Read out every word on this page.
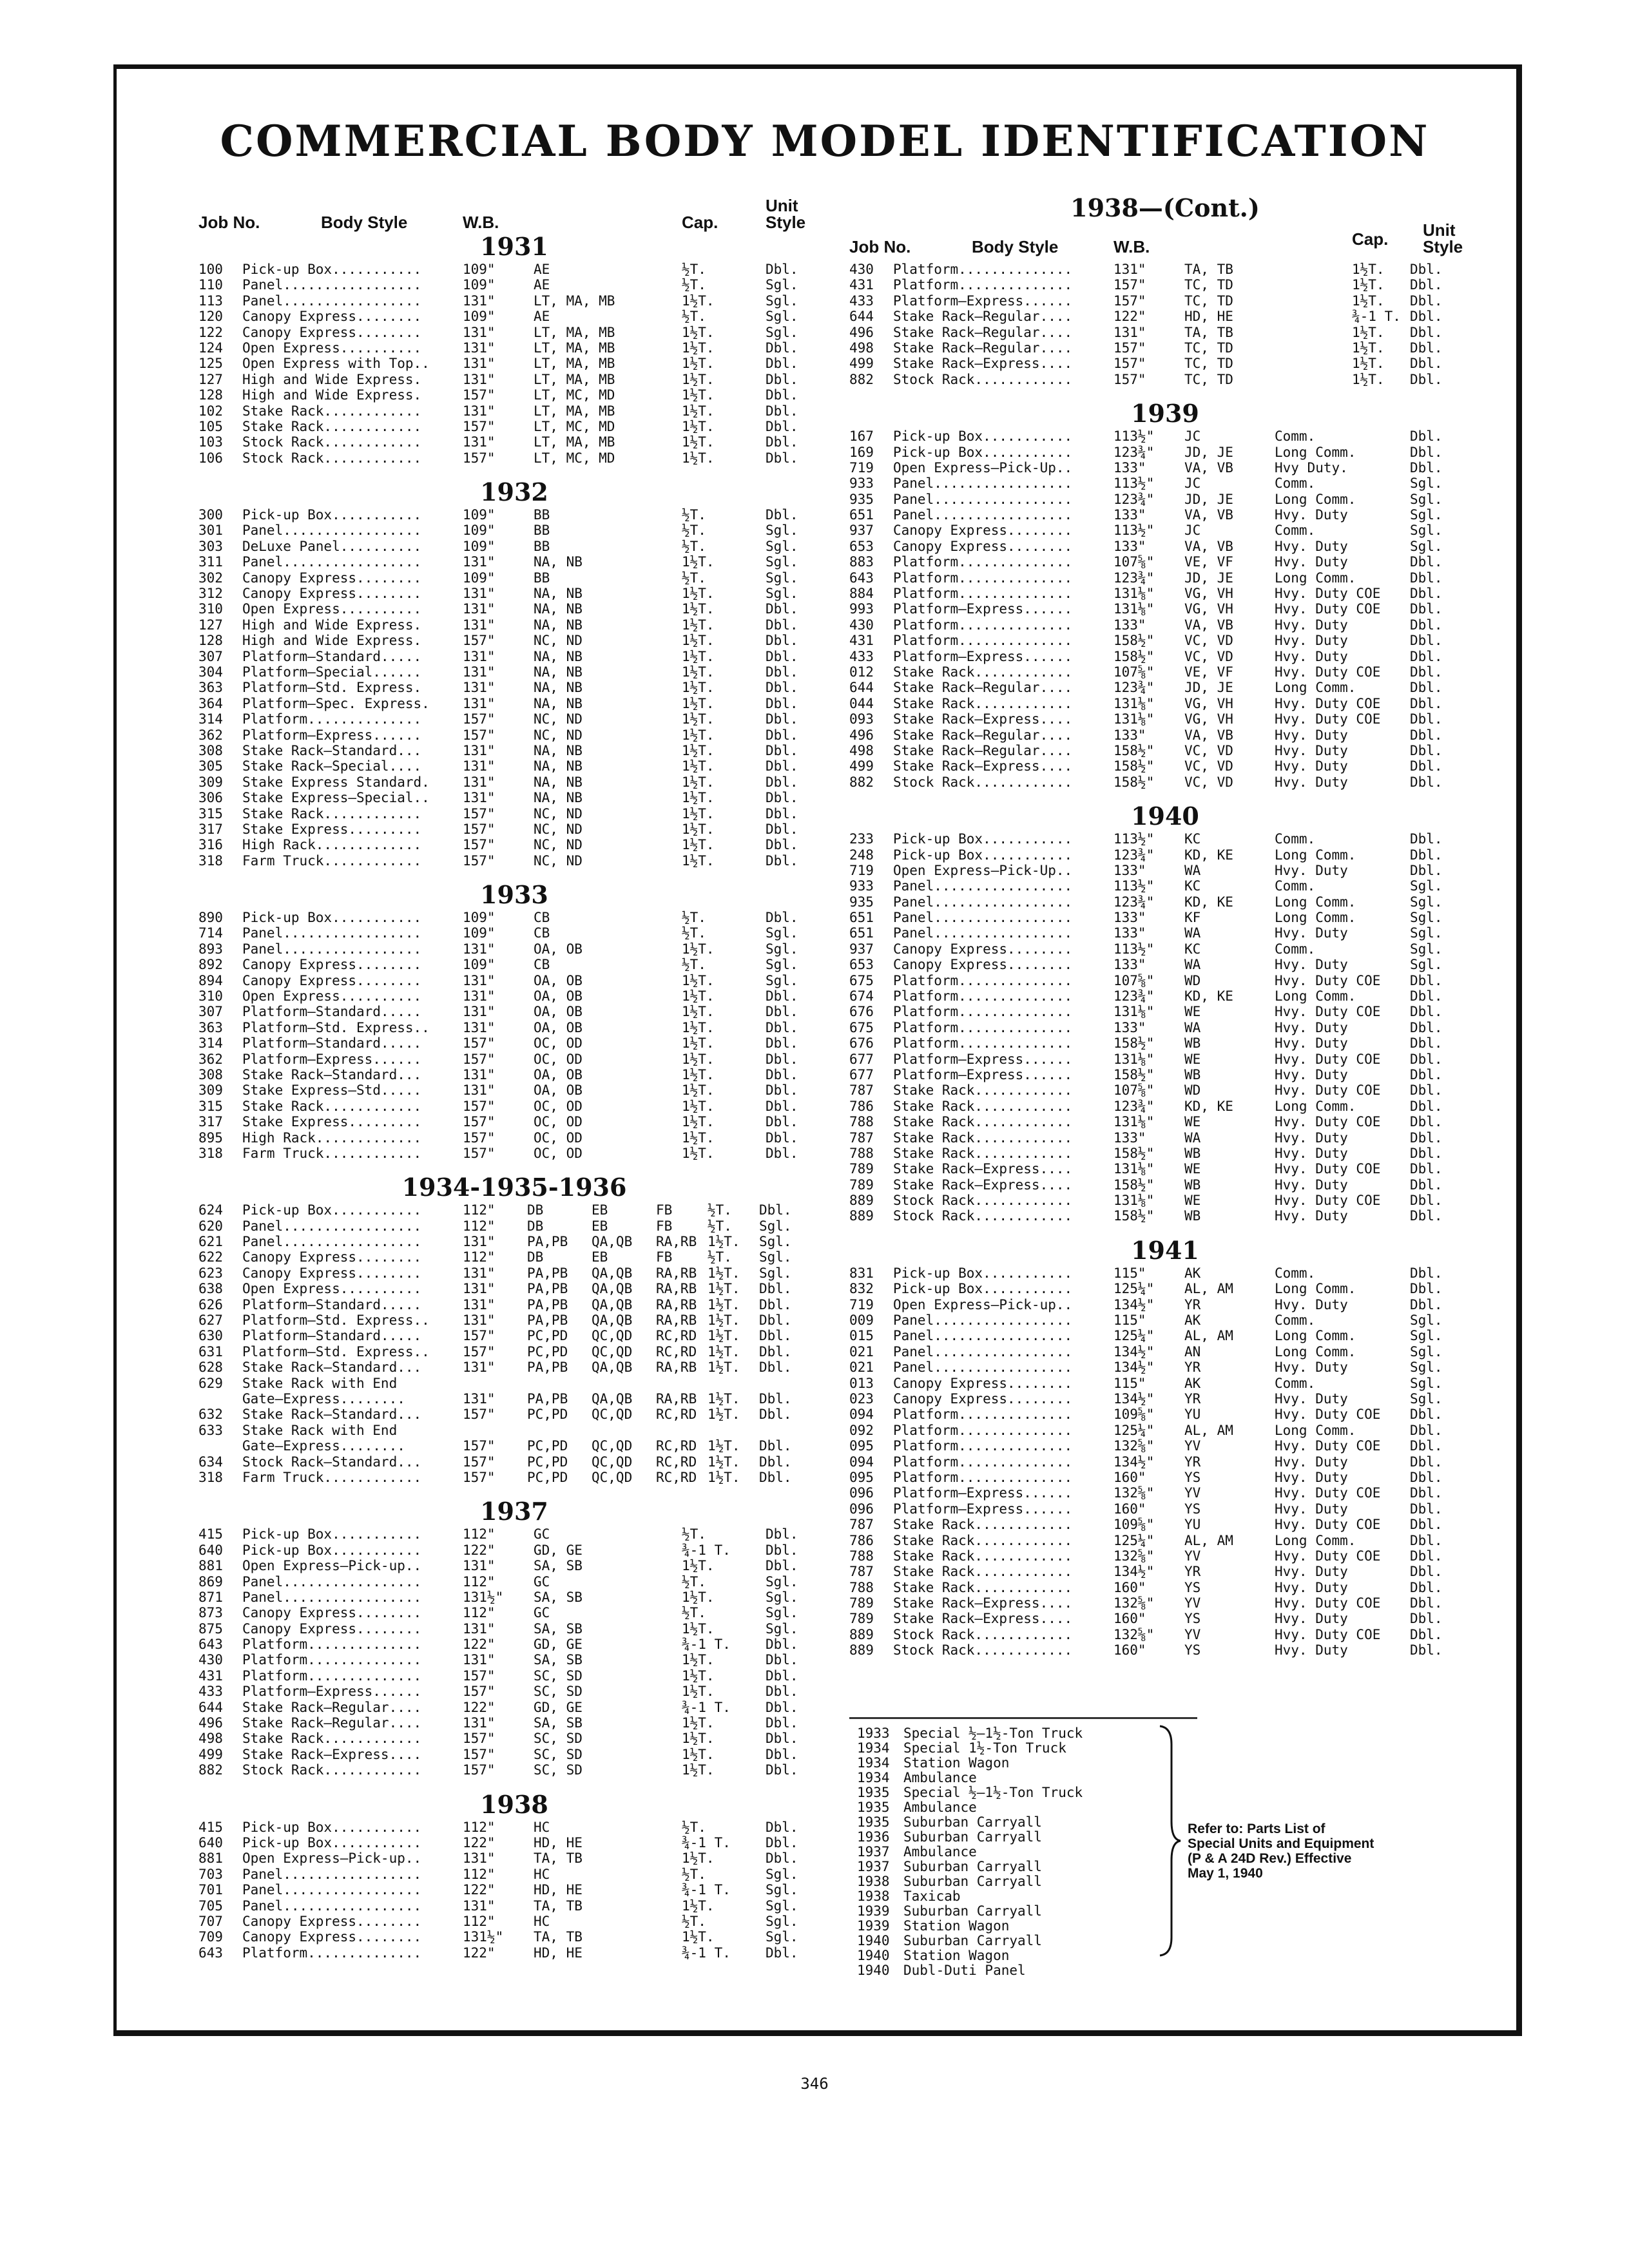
COMMERCIAL BODY MODEL IDENTIFICATION
Job No.	Body Style	W.B.	Cap.
Unit
Style
1931
100	Pick-up Box...........	109"	AE	½T.	Dbl.
110	Panel.................	109"	AE	½T.	Sgl.
113	Panel.................	131"	LT, MA, MB	1½T.	Sgl.
120	Canopy Express........	109"	AE	½T.	Sgl.
122	Canopy Express........	131"	LT, MA, MB	1½T.	Sgl.
124	Open Express..........	131"	LT, MA, MB	1½T.	Dbl.
125	Open Express with Top..	131"	LT, MA, MB	1½T.	Dbl.
127	High and Wide Express.	131"	LT, MA, MB	1½T.	Dbl.
128	High and Wide Express.	157"	LT, MC, MD	1½T.	Dbl.
102	Stake Rack............	131"	LT, MA, MB	1½T.	Dbl.
105	Stake Rack............	157"	LT, MC, MD	1½T.	Dbl.
103	Stock Rack............	131"	LT, MA, MB	1½T.	Dbl.
106	Stock Rack............	157"	LT, MC, MD	1½T.	Dbl.
1932
300	Pick-up Box...........	109"	BB	½T.	Dbl.
301	Panel.................	109"	BB	½T.	Sgl.
303	DeLuxe Panel..........	109"	BB	½T.	Sgl.
311	Panel.................	131"	NA, NB	1½T.	Sgl.
302	Canopy Express........	109"	BB	½T.	Sgl.
312	Canopy Express........	131"	NA, NB	1½T.	Sgl.
310	Open Express..........	131"	NA, NB	1½T.	Dbl.
127	High and Wide Express.	131"	NA, NB	1½T.	Dbl.
128	High and Wide Express.	157"	NC, ND	1½T.	Dbl.
307	Platform—Standard.....	131"	NA, NB	1½T.	Dbl.
304	Platform—Special......	131"	NA, NB	1½T.	Dbl.
363	Platform—Std. Express.	131"	NA, NB	1½T.	Dbl.
364	Platform—Spec. Express.	131"	NA, NB	1½T.	Dbl.
314	Platform..............	157"	NC, ND	1½T.	Dbl.
362	Platform—Express......	157"	NC, ND	1½T.	Dbl.
308	Stake Rack—Standard...	131"	NA, NB	1½T.	Dbl.
305	Stake Rack—Special....	131"	NA, NB	1½T.	Dbl.
309	Stake Express Standard.	131"	NA, NB	1½T.	Dbl.
306	Stake Express—Special..	131"	NA, NB	1½T.	Dbl.
315	Stake Rack............	157"	NC, ND	1½T.	Dbl.
317	Stake Express.........	157"	NC, ND	1½T.	Dbl.
316	High Rack.............	157"	NC, ND	1½T.	Dbl.
318	Farm Truck............	157"	NC, ND	1½T.	Dbl.
1933
890	Pick-up Box...........	109"	CB	½T.	Dbl.
714	Panel.................	109"	CB	½T.	Sgl.
893	Panel.................	131"	OA, OB	1½T.	Sgl.
892	Canopy Express........	109"	CB	½T.	Sgl.
894	Canopy Express........	131"	OA, OB	1½T.	Sgl.
310	Open Express..........	131"	OA, OB	1½T.	Dbl.
307	Platform—Standard.....	131"	OA, OB	1½T.	Dbl.
363	Platform—Std. Express..	131"	OA, OB	1½T.	Dbl.
314	Platform—Standard.....	157"	OC, OD	1½T.	Dbl.
362	Platform—Express......	157"	OC, OD	1½T.	Dbl.
308	Stake Rack—Standard...	131"	OA, OB	1½T.	Dbl.
309	Stake Express—Std.....	131"	OA, OB	1½T.	Dbl.
315	Stake Rack............	157"	OC, OD	1½T.	Dbl.
317	Stake Express.........	157"	OC, OD	1½T.	Dbl.
895	High Rack.............	157"	OC, OD	1½T.	Dbl.
318	Farm Truck............	157"	OC, OD	1½T.	Dbl.
1934-1935-1936
624	Pick-up Box...........	112"	DB	EB	FB	½T.	Dbl.
620	Panel.................	112"	DB	EB	FB	½T.	Sgl.
621	Panel.................	131"	PA,PB	QA,QB	RA,RB 1½T.	Sgl.
622	Canopy Express........	112"	DB	EB	FB	½T.	Sgl.
623	Canopy Express........	131"	PA,PB	QA,QB	RA,RB 1½T.	Sgl.
638	Open Express..........	131"	PA,PB	QA,QB	RA,RB 1½T.	Dbl.
626	Platform—Standard.....	131"	PA,PB	QA,QB	RA,RB 1½T.	Dbl.
627	Platform—Std. Express..	131"	PA,PB	QA,QB	RA,RB 1½T.	Dbl.
630	Platform—Standard.....	157"	PC,PD	QC,QD	RC,RD 1½T.	Dbl.
631	Platform—Std. Express..	157"	PC,PD	QC,QD	RC,RD 1½T.	Dbl.
628	Stake Rack—Standard...	131"	PA,PB	QA,QB	RA,RB 1½T.	Dbl.
629	Stake Rack with End
Gate—Express........	131"	PA,PB	QA,QB	RA,RB 1½T.	Dbl.
632	Stake Rack—Standard...	157"	PC,PD	QC,QD	RC,RD 1½T.	Dbl.
633	Stake Rack with End
Gate—Express........	157"	PC,PD	QC,QD	RC,RD 1½T.	Dbl.
634	Stock Rack—Standard...	157"	PC,PD	QC,QD	RC,RD 1½T.	Dbl.
318	Farm Truck............	157"	PC,PD	QC,QD	RC,RD 1½T.	Dbl.
1937
415	Pick-up Box...........	112"	GC	½T.	Dbl.
640	Pick-up Box...........	122"	GD, GE	¾-1 T.	Dbl.
881	Open Express—Pick-up..	131"	SA, SB	1½T.	Dbl.
869	Panel.................	112"	GC	½T.	Sgl.
871	Panel.................	131½"	SA, SB	1½T.	Sgl.
873	Canopy Express........	112"	GC	½T.	Sgl.
875	Canopy Express........	131"	SA, SB	1½T.	Sgl.
643	Platform..............	122"	GD, GE	¾-1 T.	Dbl.
430	Platform..............	131"	SA, SB	1½T.	Dbl.
431	Platform..............	157"	SC, SD	1½T.	Dbl.
433	Platform—Express......	157"	SC, SD	1½T.	Dbl.
644	Stake Rack—Regular....	122"	GD, GE	¾-1 T.	Dbl.
496	Stake Rack—Regular....	131"	SA, SB	1½T.	Dbl.
498	Stake Rack............	157"	SC, SD	1½T.	Dbl.
499	Stake Rack—Express....	157"	SC, SD	1½T.	Dbl.
882	Stock Rack............	157"	SC, SD	1½T.	Dbl.
1938
415	Pick-up Box...........	112"	HC	½T.	Dbl.
640	Pick-up Box...........	122"	HD, HE	¾-1 T.	Dbl.
881	Open Express—Pick-up..	131"	TA, TB	1½T.	Dbl.
703	Panel.................	112"	HC	½T.	Sgl.
701	Panel.................	122"	HD, HE	¾-1 T.	Sgl.
705	Panel.................	131"	TA, TB	1½T.	Sgl.
707	Canopy Express........	112"	HC	½T.	Sgl.
709	Canopy Express........	131½"	TA, TB	1½T.	Sgl.
643	Platform..............	122"	HD, HE	¾-1 T.	Dbl.
1938—(Cont.)
Job No.	Body Style	W.B.	Cap. Unit
Style
430	Platform..............	131"	TA, TB	1½T.	Dbl.
431	Platform..............	157"	TC, TD	1½T.	Dbl.
433	Platform—Express......	157"	TC, TD	1½T.	Dbl.
644	Stake Rack—Regular....	122"	HD, HE	¾-1 T. Dbl.
496	Stake Rack—Regular....	131"	TA, TB	1½T.	Dbl.
498	Stake Rack—Regular....	157"	TC, TD	1½T.	Dbl.
499	Stake Rack—Express....	157"	TC, TD	1½T.	Dbl.
882	Stock Rack............	157"	TC, TD	1½T.	Dbl.
1939
167	Pick-up Box...........	113½"	JC	Comm.	Dbl.
169	Pick-up Box...........	123¾"	JD, JE	Long Comm.	Dbl.
719	Open Express—Pick-Up..	133"	VA, VB	Hvy Duty.	Dbl.
933	Panel.................	113½"	JC	Comm.	Sgl.
935	Panel.................	123¾"	JD, JE	Long Comm.	Sgl.
651	Panel.................	133"	VA, VB	Hvy. Duty	Sgl.
937	Canopy Express........	113½"	JC	Comm.	Sgl.
653	Canopy Express........	133"	VA, VB	Hvy. Duty	Sgl.
883	Platform..............	107⅝"	VE, VF	Hvy. Duty	Dbl.
643	Platform..............	123¾"	JD, JE	Long Comm.	Dbl.
884	Platform..............	131⅛"	VG, VH	Hvy. Duty COE	Dbl.
993	Platform—Express......	131⅛"	VG, VH	Hvy. Duty COE	Dbl.
430	Platform..............	133"	VA, VB	Hvy. Duty	Dbl.
431	Platform..............	158½"	VC, VD	Hvy. Duty	Dbl.
433	Platform—Express......	158½"	VC, VD	Hvy. Duty	Dbl.
012	Stake Rack............	107⅝"	VE, VF	Hvy. Duty COE	Dbl.
644	Stake Rack—Regular....	123¾"	JD, JE	Long Comm.	Dbl.
044	Stake Rack............	131⅛"	VG, VH	Hvy. Duty COE	Dbl.
093	Stake Rack—Express....	131⅛"	VG, VH	Hvy. Duty COE	Dbl.
496	Stake Rack—Regular....	133"	VA, VB	Hvy. Duty	Dbl.
498	Stake Rack—Regular....	158½"	VC, VD	Hvy. Duty	Dbl.
499	Stake Rack—Express....	158½"	VC, VD	Hvy. Duty	Dbl.
882	Stock Rack............	158½"	VC, VD	Hvy. Duty	Dbl.
1940
233	Pick-up Box...........	113½"	KC	Comm.	Dbl.
248	Pick-up Box...........	123¾"	KD, KE	Long Comm.	Dbl.
719	Open Express—Pick-Up..	133"	WA	Hvy. Duty	Dbl.
933	Panel.................	113½"	KC	Comm.	Sgl.
935	Panel.................	123¾"	KD, KE	Long Comm.	Sgl.
651	Panel.................	133"	KF	Long Comm.	Sgl.
651	Panel.................	133"	WA	Hvy. Duty	Sgl.
937	Canopy Express........	113½"	KC	Comm.	Sgl.
653	Canopy Express........	133"	WA	Hvy. Duty	Sgl.
675	Platform..............	107⅝"	WD	Hvy. Duty COE	Dbl.
674	Platform..............	123¾"	KD, KE	Long Comm.	Dbl.
676	Platform..............	131⅛"	WE	Hvy. Duty COE	Dbl.
675	Platform..............	133"	WA	Hvy. Duty	Dbl.
676	Platform..............	158½"	WB	Hvy. Duty	Dbl.
677	Platform—Express......	131⅛"	WE	Hvy. Duty COE	Dbl.
677	Platform—Express......	158½"	WB	Hvy. Duty	Dbl.
787	Stake Rack............	107⅝"	WD	Hvy. Duty COE	Dbl.
786	Stake Rack............	123¾"	KD, KE	Long Comm.	Dbl.
788	Stake Rack............	131⅛"	WE	Hvy. Duty COE	Dbl.
787	Stake Rack............	133"	WA	Hvy. Duty	Dbl.
788	Stake Rack............	158½"	WB	Hvy. Duty	Dbl.
789	Stake Rack—Express....	131⅛"	WE	Hvy. Duty COE	Dbl.
789	Stake Rack—Express....	158½"	WB	Hvy. Duty	Dbl.
889	Stock Rack............	131⅛"	WE	Hvy. Duty COE	Dbl.
889	Stock Rack............	158½"	WB	Hvy. Duty	Dbl.
1941
831	Pick-up Box...........	115"	AK	Comm.	Dbl.
832	Pick-up Box...........	125¼"	AL, AM	Long Comm.	Dbl.
719	Open Express—Pick-up..	134½"	YR	Hvy. Duty	Dbl.
009	Panel.................	115"	AK	Comm.	Sgl.
015	Panel.................	125¼"	AL, AM	Long Comm.	Sgl.
021	Panel.................	134½"	AN	Long Comm.	Sgl.
021	Panel.................	134½"	YR	Hvy. Duty	Sgl.
013	Canopy Express........	115"	AK	Comm.	Sgl.
023	Canopy Express........	134½"	YR	Hvy. Duty	Sgl.
094	Platform..............	109⅝"	YU	Hvy. Duty COE	Dbl.
092	Platform..............	125¼"	AL, AM	Long Comm.	Dbl.
095	Platform..............	132⅝"	YV	Hvy. Duty COE	Dbl.
094	Platform..............	134½"	YR	Hvy. Duty	Dbl.
095	Platform..............	160"	YS	Hvy. Duty	Dbl.
096	Platform—Express......	132⅝"	YV	Hvy. Duty COE	Dbl.
096	Platform—Express......	160"	YS	Hvy. Duty	Dbl.
787	Stake Rack............	109⅝"	YU	Hvy. Duty COE	Dbl.
786	Stake Rack............	125¼"	AL, AM	Long Comm.	Dbl.
788	Stake Rack............	132⅝"	YV	Hvy. Duty COE	Dbl.
787	Stake Rack............	134½"	YR	Hvy. Duty	Dbl.
788	Stake Rack............	160"	YS	Hvy. Duty	Dbl.
789	Stake Rack—Express....	132⅝"	YV	Hvy. Duty COE	Dbl.
789	Stake Rack—Express....	160"	YS	Hvy. Duty	Dbl.
889	Stock Rack............	132⅝"	YV	Hvy. Duty COE	Dbl.
889	Stock Rack............	160"	YS	Hvy. Duty	Dbl.
1933 Special ½—1½-Ton Truck
1934 Special 1½-Ton Truck
1934 Station Wagon
1934 Ambulance
1935 Special ½—1½-Ton Truck
1935 Ambulance
1935 Suburban Carryall
1936 Suburban Carryall
1937 Ambulance
1937 Suburban Carryall
1938 Suburban Carryall
1938 Taxicab
1939 Suburban Carryall
1939 Station Wagon
1940 Suburban Carryall
1940 Station Wagon
1940 Dubl-Duti Panel
Refer to: Parts List of
Special Units and Equipment
(P & A 24D Rev.) Effective
May 1, 1940
346
